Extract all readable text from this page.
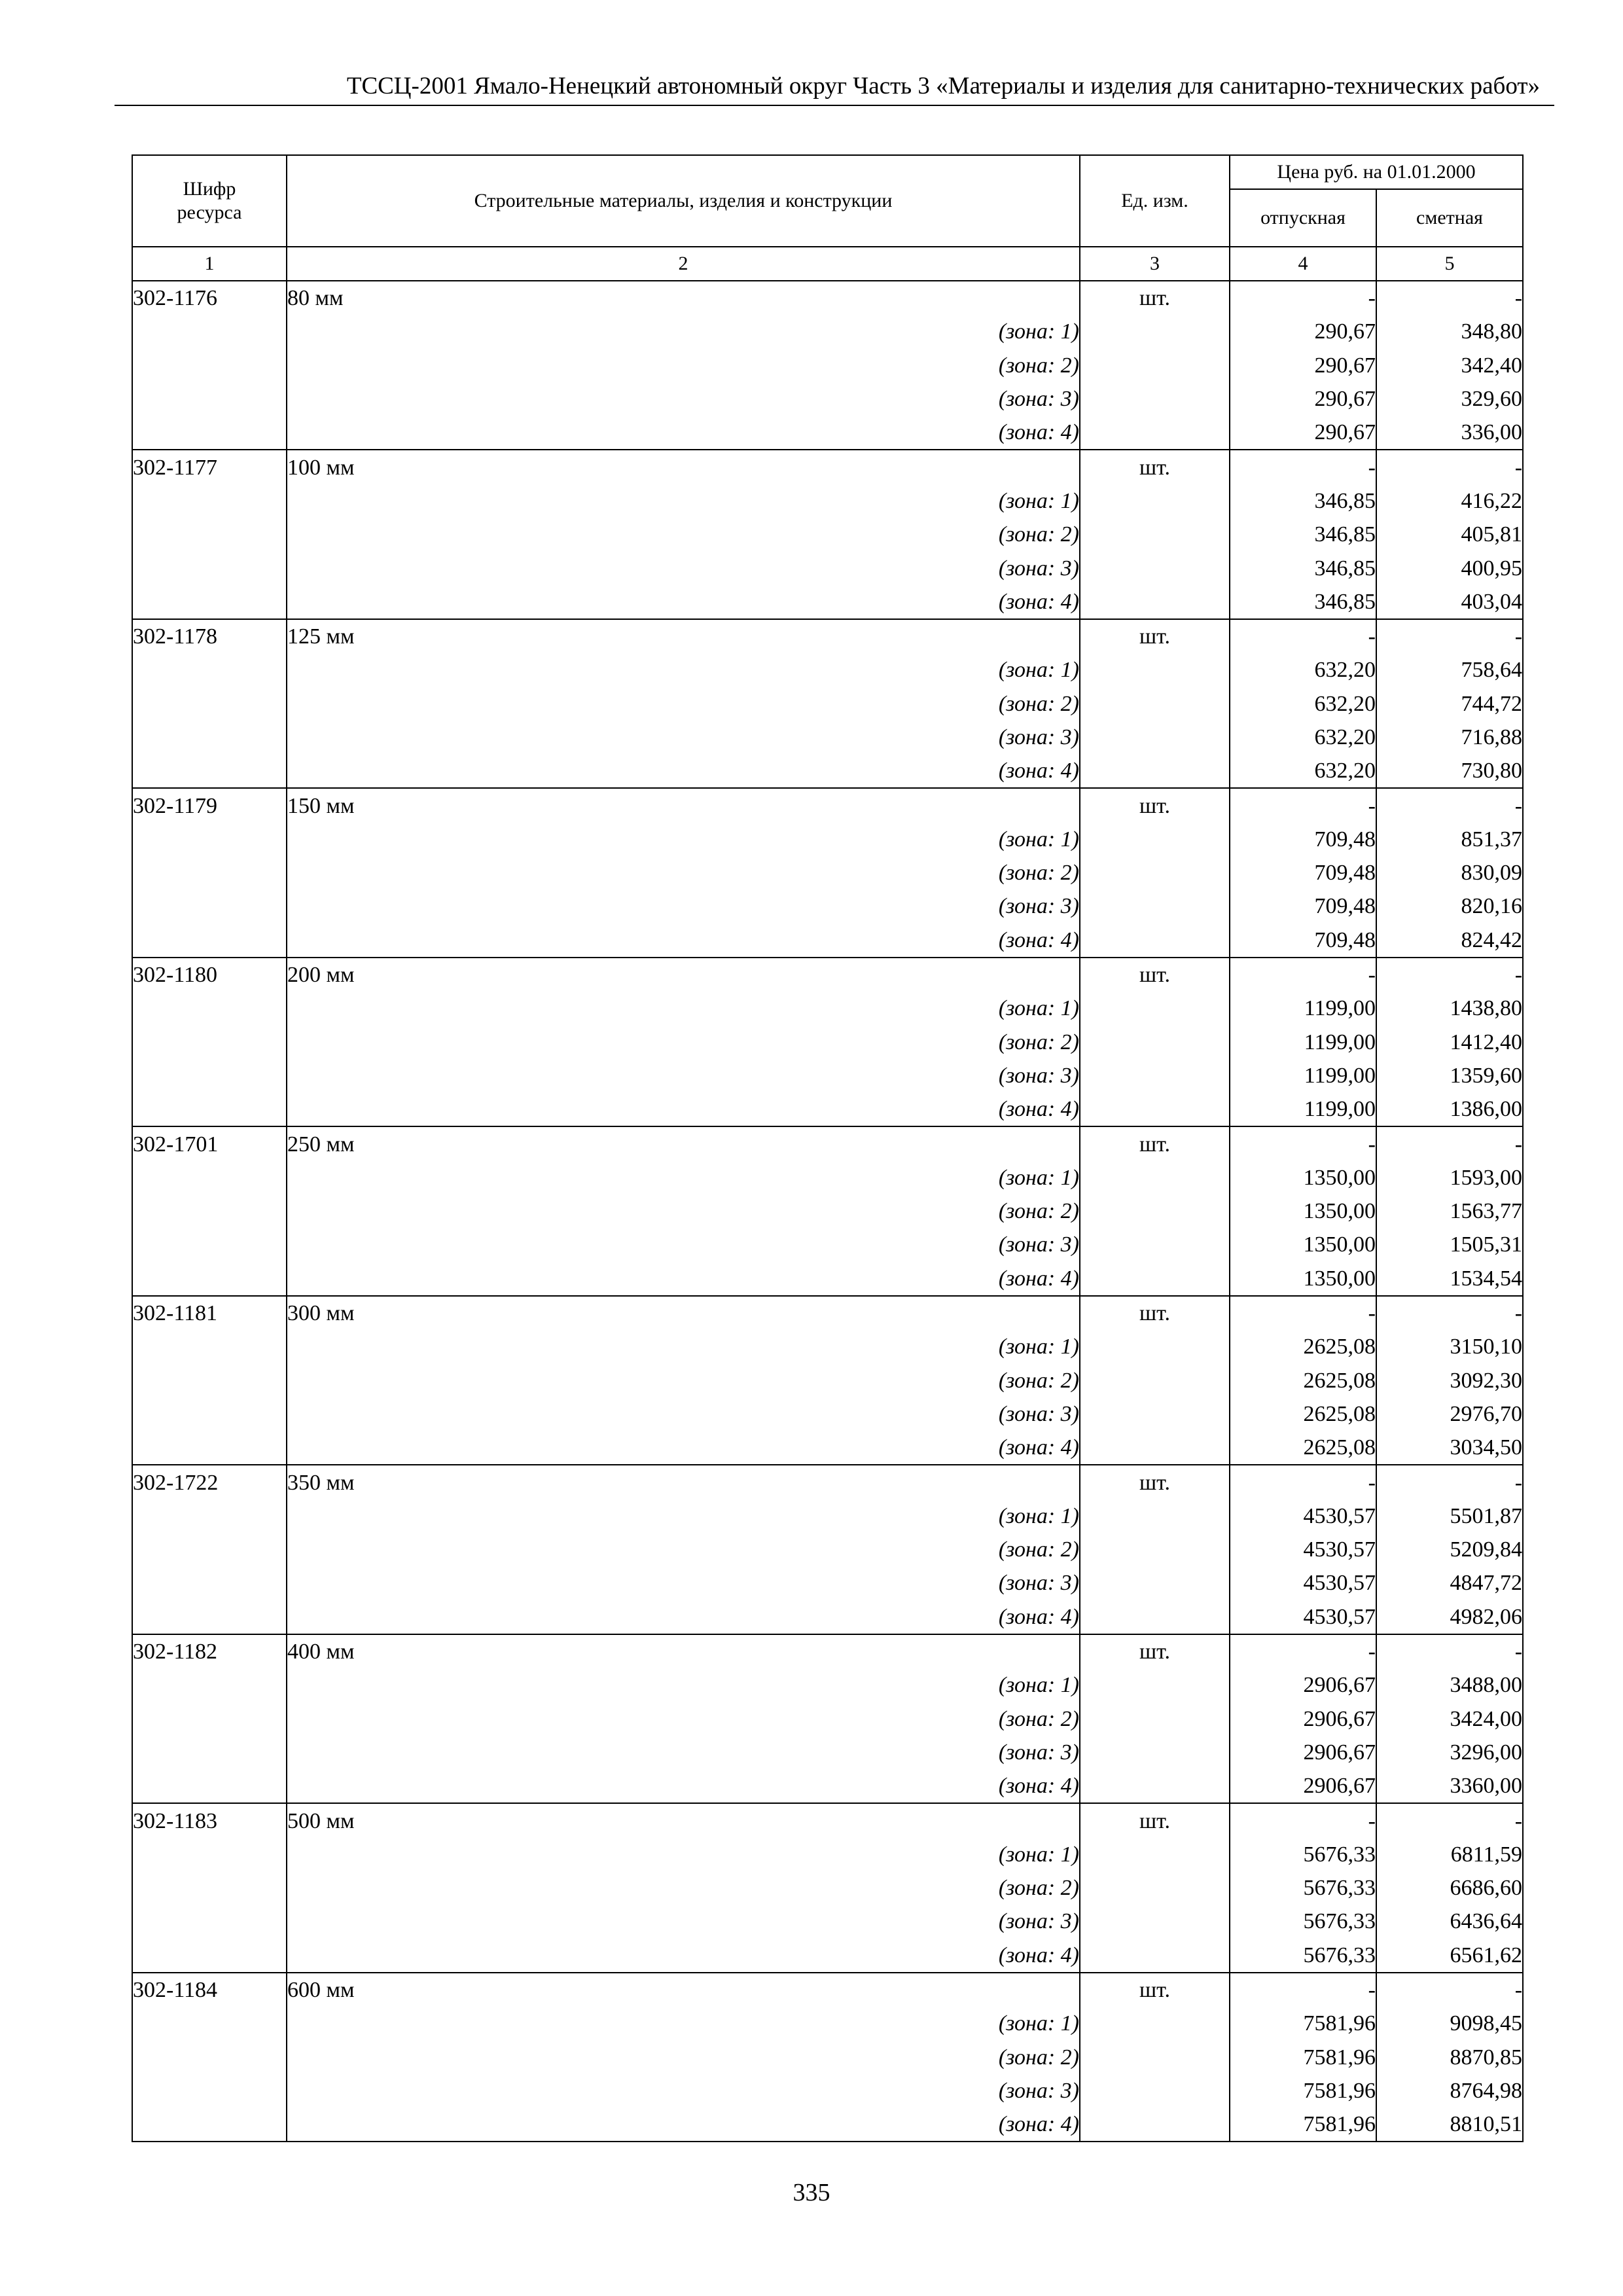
ТССЦ-2001 Ямало-Ненецкий автономный округ Часть 3 «Материалы и изделия для санитарно-технических работ»
Шифр ресурса	Строительные материалы, изделия и конструкции	Ед. изм.	Цена руб. на 01.01.2000	
			отпускная	сметная
1	2	3	4	5
302-1176	80 мм	шт.	-	-
	(зона: 1)		290,67	348,80
	(зона: 2)		290,67	342,40
	(зона: 3)		290,67	329,60
	(зона: 4)		290,67	336,00
302-1177	100 мм	шт.	-	-
	(зона: 1)		346,85	416,22
	(зона: 2)		346,85	405,81
	(зона: 3)		346,85	400,95
	(зона: 4)		346,85	403,04
302-1178	125 мм	шт.	-	-
	(зона: 1)		632,20	758,64
	(зона: 2)		632,20	744,72
	(зона: 3)		632,20	716,88
	(зона: 4)		632,20	730,80
302-1179	150 мм	шт.	-	-
	(зона: 1)		709,48	851,37
	(зона: 2)		709,48	830,09
	(зона: 3)		709,48	820,16
	(зона: 4)		709,48	824,42
302-1180	200 мм	шт.	-	-
	(зона: 1)		1199,00	1438,80
	(зона: 2)		1199,00	1412,40
	(зона: 3)		1199,00	1359,60
	(зона: 4)		1199,00	1386,00
302-1701	250 мм	шт.	-	-
	(зона: 1)		1350,00	1593,00
	(зона: 2)		1350,00	1563,77
	(зона: 3)		1350,00	1505,31
	(зона: 4)		1350,00	1534,54
302-1181	300 мм	шт.	-	-
	(зона: 1)		2625,08	3150,10
	(зона: 2)		2625,08	3092,30
	(зона: 3)		2625,08	2976,70
	(зона: 4)		2625,08	3034,50
302-1722	350 мм	шт.	-	-
	(зона: 1)		4530,57	5501,87
	(зона: 2)		4530,57	5209,84
	(зона: 3)		4530,57	4847,72
	(зона: 4)		4530,57	4982,06
302-1182	400 мм	шт.	-	-
	(зона: 1)		2906,67	3488,00
	(зона: 2)		2906,67	3424,00
	(зона: 3)		2906,67	3296,00
	(зона: 4)		2906,67	3360,00
302-1183	500 мм	шт.	-	-
	(зона: 1)		5676,33	6811,59
	(зона: 2)		5676,33	6686,60
	(зона: 3)		5676,33	6436,64
	(зона: 4)		5676,33	6561,62
302-1184	600 мм	шт.	-	-
	(зона: 1)		7581,96	9098,45
	(зона: 2)		7581,96	8870,85
	(зона: 3)		7581,96	8764,98
	(зона: 4)		7581,96	8810,51
335
